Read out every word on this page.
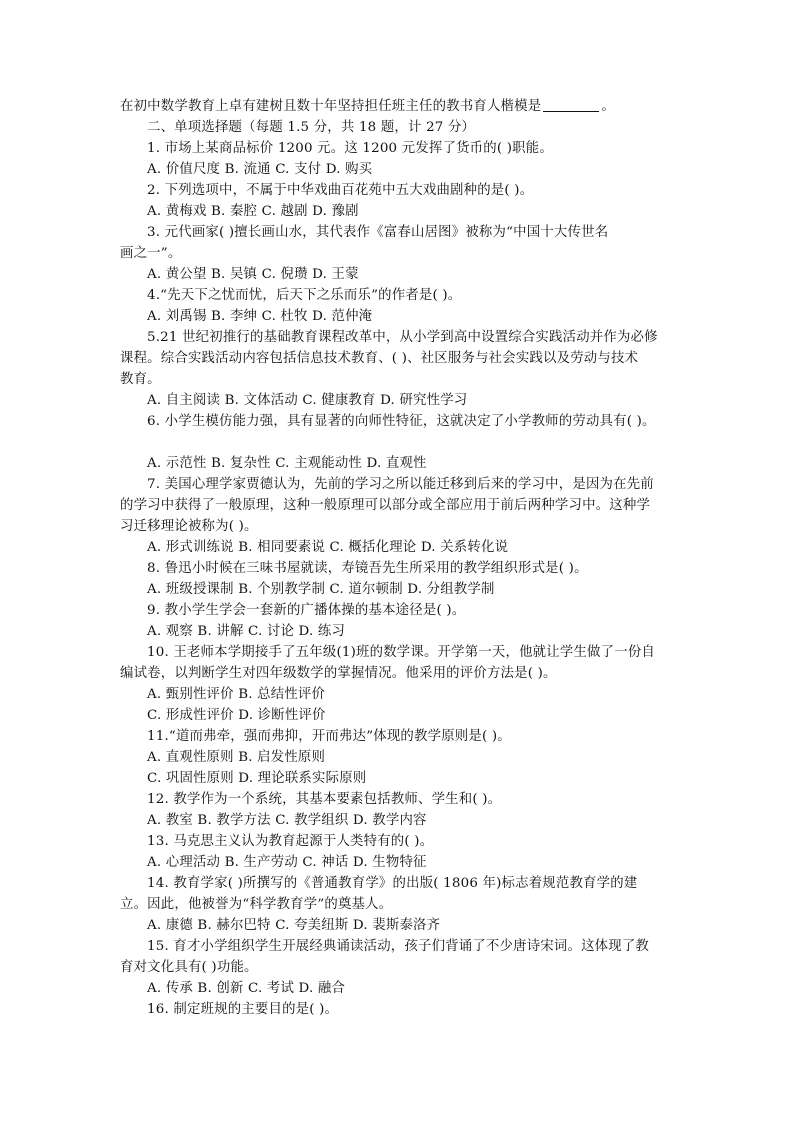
在初中数学教育上卓有建树且数十年坚持担任班主任的教书育人楷模是	。
二、单项选择题（每题 1.5 分，共 18 题，计 27 分）
1. 市场上某商品标价 1200 元。这 1200 元发挥了货币的( )职能。
A. 价值尺度 B. 流通 C. 支付 D. 购买
2. 下列选项中，不属于中华戏曲百花苑中五大戏曲剧种的是( )。
A. 黄梅戏 B. 秦腔 C. 越剧 D. 豫剧
3. 元代画家( )擅长画山水，其代表作《富春山居图》被称为“中国十大传世名
画之一”。
A. 黄公望 B. 吴镇 C. 倪瓒 D. 王蒙
4.“先天下之忧而忧，后天下之乐而乐”的作者是( )。
A. 刘禹锡 B. 李绅 C. 杜牧 D. 范仲淹
5.21 世纪初推行的基础教育课程改革中，从小学到高中设置综合实践活动并作为必修
课程。综合实践活动内容包括信息技术教育、( )、社区服务与社会实践以及劳动与技术
教育。
A. 自主阅读 B. 文体活动 C. 健康教育 D. 研究性学习
6. 小学生模仿能力强，具有显著的向师性特征，这就决定了小学教师的劳动具有( )。
A. 示范性 B. 复杂性 C. 主观能动性 D. 直观性
7. 美国心理学家贾德认为，先前的学习之所以能迁移到后来的学习中，是因为在先前
的学习中获得了一般原理，这种一般原理可以部分或全部应用于前后两种学习中。这种学
习迁移理论被称为( )。
A. 形式训练说 B. 相同要素说 C. 概括化理论 D. 关系转化说
8. 鲁迅小时候在三味书屋就读，寿镜吾先生所采用的教学组织形式是( )。
A. 班级授课制 B. 个别教学制 C. 道尔顿制 D. 分组教学制
9. 教小学生学会一套新的广播体操的基本途径是( )。
A. 观察 B. 讲解 C. 讨论 D. 练习
10. 王老师本学期接手了五年级(1)班的数学课。开学第一天，他就让学生做了一份自
编试卷，以判断学生对四年级数学的掌握情况。他采用的评价方法是( )。
A. 甄别性评价 B. 总结性评价
C. 形成性评价 D. 诊断性评价
11.“道而弗牵，强而弗抑，开而弗达”体现的教学原则是( )。
A. 直观性原则 B. 启发性原则
C. 巩固性原则 D. 理论联系实际原则
12. 教学作为一个系统，其基本要素包括教师、学生和( )。
A. 教室 B. 教学方法 C. 教学组织 D. 教学内容
13. 马克思主义认为教育起源于人类特有的( )。
A. 心理活动 B. 生产劳动 C. 神话 D. 生物特征
14. 教育学家( )所撰写的《普通教育学》的出版( 1806 年)标志着规范教育学的建
立。因此，他被誉为“科学教育学”的奠基人。
A. 康德 B. 赫尔巴特 C. 夸美纽斯 D. 裴斯泰洛齐
15. 育才小学组织学生开展经典诵读活动，孩子们背诵了不少唐诗宋词。这体现了教
育对文化具有( )功能。
A. 传承 B. 创新 C. 考试 D. 融合
16. 制定班规的主要目的是( )。
